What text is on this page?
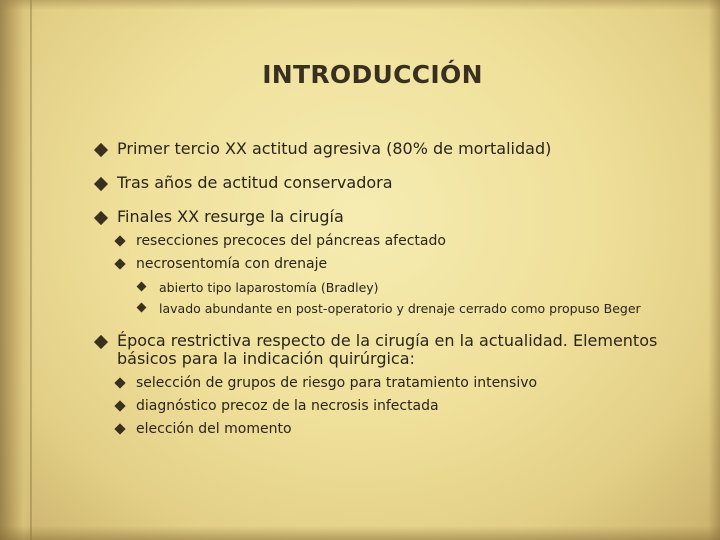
INTRODUCCIÓN
Primer tercio XX actitud agresiva (80% de mortalidad)
Tras años de actitud conservadora
Finales XX resurge la cirugía
resecciones precoces del páncreas afectado
necrosentomía con drenaje
abierto tipo laparostomía (Bradley)
lavado abundante en post-operatorio y drenaje cerrado como propuso Beger
Época restrictiva respecto de la cirugía en la actualidad. Elementos básicos para la indicación quirúrgica:
selección de grupos de riesgo para tratamiento intensivo
diagnóstico precoz de la necrosis infectada
elección del momento
